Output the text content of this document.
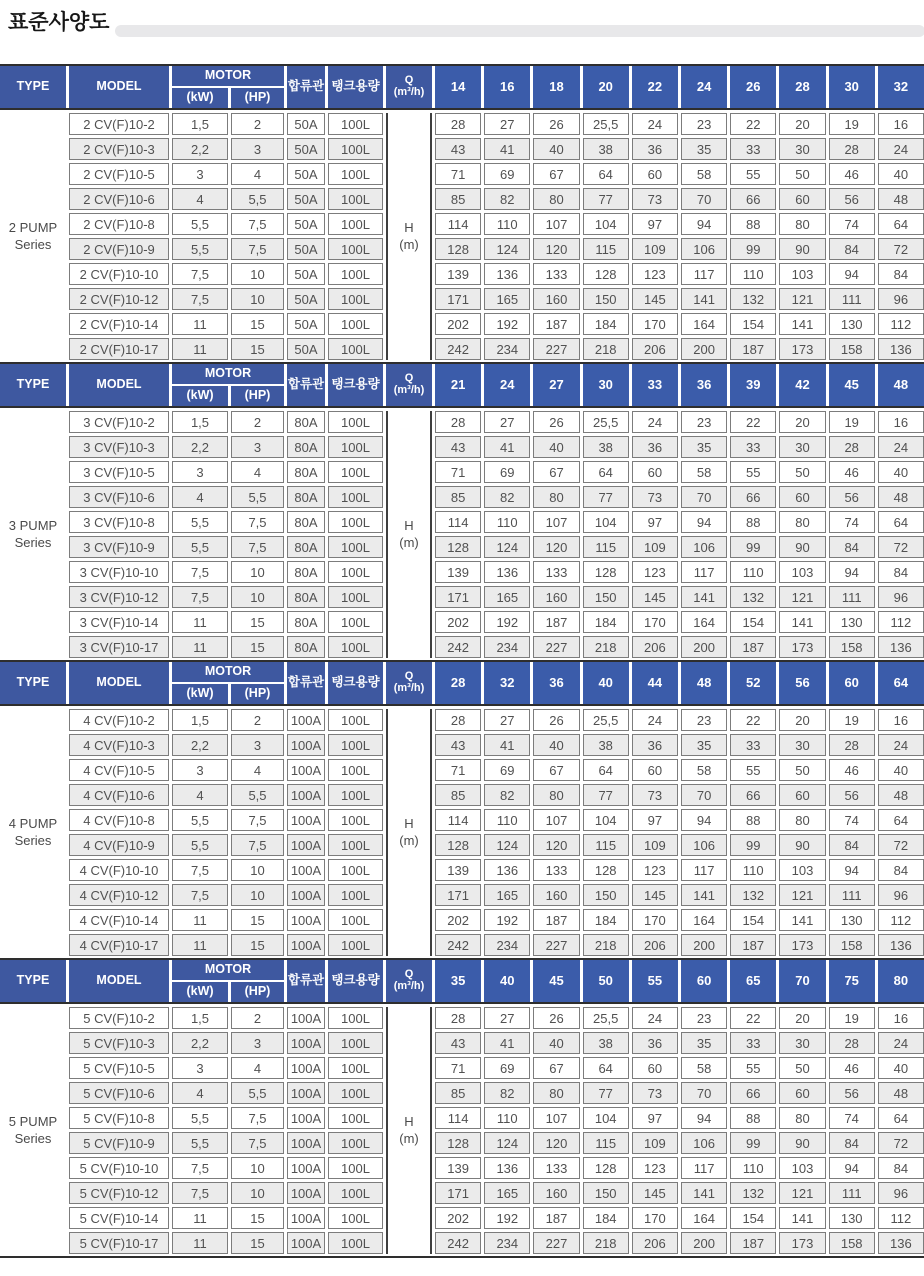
표준사양도
TYPE	MODEL
MOTOR
(kW)	(HP)
합류관 탱크용량	Q
(m³/h)	14	16	18	20	22	24	26	28	30	32
2 PUMP
Series
H
(m)
2 CV(F)10-2	1,5	2	50A	100L	28	27	26	25,5	24	23	22	20	19	16
2 CV(F)10-3	2,2	3	50A	100L	43	41	40	38	36	35	33	30	28	24
2 CV(F)10-5	3	4	50A	100L	71	69	67	64	60	58	55	50	46	40
2 CV(F)10-6	4	5,5	50A	100L	85	82	80	77	73	70	66	60	56	48
2 CV(F)10-8	5,5	7,5	50A	100L	114	110	107	104	97	94	88	80	74	64
2 CV(F)10-9	5,5	7,5	50A	100L	128	124	120	115	109	106	99	90	84	72
2 CV(F)10-10	7,5	10	50A	100L	139	136	133	128	123	117	110	103	94	84
2 CV(F)10-12	7,5	10	50A	100L	171	165	160	150	145	141	132	121	111	96
2 CV(F)10-14	11	15	50A	100L	202	192	187	184	170	164	154	141	130	112
2 CV(F)10-17	11	15	50A	100L	242	234	227	218	206	200	187	173	158	136
TYPE	MODEL
MOTOR
(kW)	(HP)
합류관 탱크용량	Q
(m³/h)	21	24	27	30	33	36	39	42	45	48
3 PUMP
Series
H
(m)
3 CV(F)10-2	1,5	2	80A	100L	28	27	26	25,5	24	23	22	20	19	16
3 CV(F)10-3	2,2	3	80A	100L	43	41	40	38	36	35	33	30	28	24
3 CV(F)10-5	3	4	80A	100L	71	69	67	64	60	58	55	50	46	40
3 CV(F)10-6	4	5,5	80A	100L	85	82	80	77	73	70	66	60	56	48
3 CV(F)10-8	5,5	7,5	80A	100L	114	110	107	104	97	94	88	80	74	64
3 CV(F)10-9	5,5	7,5	80A	100L	128	124	120	115	109	106	99	90	84	72
3 CV(F)10-10	7,5	10	80A	100L	139	136	133	128	123	117	110	103	94	84
3 CV(F)10-12	7,5	10	80A	100L	171	165	160	150	145	141	132	121	111	96
3 CV(F)10-14	11	15	80A	100L	202	192	187	184	170	164	154	141	130	112
3 CV(F)10-17	11	15	80A	100L	242	234	227	218	206	200	187	173	158	136
TYPE	MODEL
MOTOR
(kW)	(HP)
합류관 탱크용량	Q
(m³/h)	28	32	36	40	44	48	52	56	60	64
4 PUMP
Series
H
(m)
4 CV(F)10-2	1,5	2	100A	100L	28	27	26	25,5	24	23	22	20	19	16
4 CV(F)10-3	2,2	3	100A	100L	43	41	40	38	36	35	33	30	28	24
4 CV(F)10-5	3	4	100A	100L	71	69	67	64	60	58	55	50	46	40
4 CV(F)10-6	4	5,5	100A	100L	85	82	80	77	73	70	66	60	56	48
4 CV(F)10-8	5,5	7,5	100A	100L	114	110	107	104	97	94	88	80	74	64
4 CV(F)10-9	5,5	7,5	100A	100L	128	124	120	115	109	106	99	90	84	72
4 CV(F)10-10	7,5	10	100A	100L	139	136	133	128	123	117	110	103	94	84
4 CV(F)10-12	7,5	10	100A	100L	171	165	160	150	145	141	132	121	111	96
4 CV(F)10-14	11	15	100A	100L	202	192	187	184	170	164	154	141	130	112
4 CV(F)10-17	11	15	100A	100L	242	234	227	218	206	200	187	173	158	136
TYPE	MODEL
MOTOR
(kW)	(HP)
합류관 탱크용량	Q
(m³/h)	35	40	45	50	55	60	65	70	75	80
5 PUMP
Series
H
(m)
5 CV(F)10-2	1,5	2	100A	100L	28	27	26	25,5	24	23	22	20	19	16
5 CV(F)10-3	2,2	3	100A	100L	43	41	40	38	36	35	33	30	28	24
5 CV(F)10-5	3	4	100A	100L	71	69	67	64	60	58	55	50	46	40
5 CV(F)10-6	4	5,5	100A	100L	85	82	80	77	73	70	66	60	56	48
5 CV(F)10-8	5,5	7,5	100A	100L	114	110	107	104	97	94	88	80	74	64
5 CV(F)10-9	5,5	7,5	100A	100L	128	124	120	115	109	106	99	90	84	72
5 CV(F)10-10	7,5	10	100A	100L	139	136	133	128	123	117	110	103	94	84
5 CV(F)10-12	7,5	10	100A	100L	171	165	160	150	145	141	132	121	111	96
5 CV(F)10-14	11	15	100A	100L	202	192	187	184	170	164	154	141	130	112
5 CV(F)10-17	11	15	100A	100L	242	234	227	218	206	200	187	173	158	136
